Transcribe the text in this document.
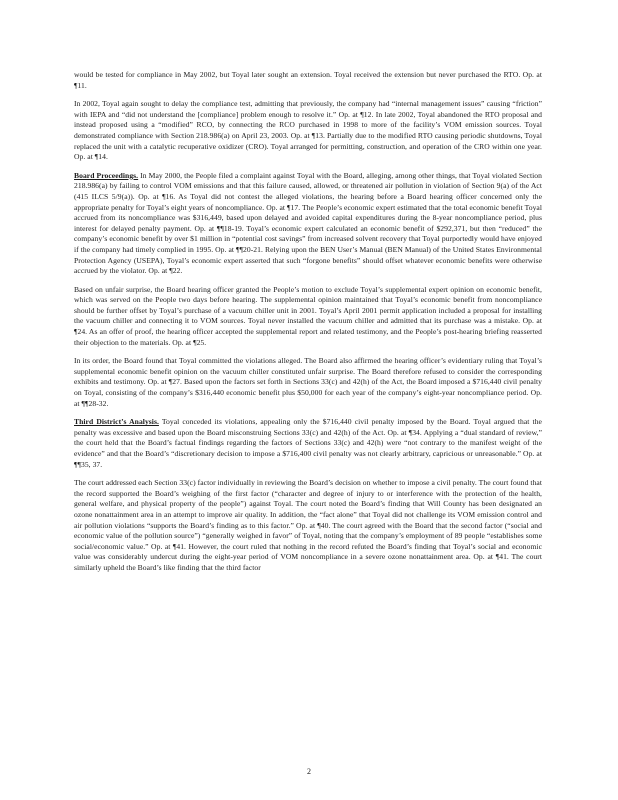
would be tested for compliance in May 2002, but Toyal later sought an extension. Toyal received the extension but never purchased the RTO. Op. at ¶11.

In 2002, Toyal again sought to delay the compliance test, admitting that previously, the company had “internal management issues” causing “friction” with IEPA and “did not understand the [compliance] problem enough to resolve it.” Op. at ¶12. In late 2002, Toyal abandoned the RTO proposal and instead proposed using a “modified” RCO, by connecting the RCO purchased in 1998 to more of the facility’s VOM emission sources. Toyal demonstrated compliance with Section 218.986(a) on April 23, 2003. Op. at ¶13. Partially due to the modified RTO causing periodic shutdowns, Toyal replaced the unit with a catalytic recuperative oxidizer (CRO). Toyal arranged for permitting, construction, and operation of the CRO within one year. Op. at ¶14.

Board Proceedings. In May 2000, the People filed a complaint against Toyal with the Board, alleging, among other things, that Toyal violated Section 218.986(a) by failing to control VOM emissions and that this failure caused, allowed, or threatened air pollution in violation of Section 9(a) of the Act (415 ILCS 5/9(a)). Op. at ¶16. As Toyal did not contest the alleged violations, the hearing before a Board hearing officer concerned only the appropriate penalty for Toyal’s eight years of noncompliance. Op. at ¶17. The People’s economic expert estimated that the total economic benefit Toyal accrued from its noncompliance was $316,449, based upon delayed and avoided capital expenditures during the 8-year noncompliance period, plus interest for delayed penalty payment. Op. at ¶¶18-19. Toyal’s economic expert calculated an economic benefit of $292,371, but then “reduced” the company’s economic benefit by over $1 million in “potential cost savings” from increased solvent recovery that Toyal purportedly would have enjoyed if the company had timely complied in 1995. Op. at ¶¶20-21. Relying upon the BEN User’s Manual (BEN Manual) of the United States Environmental Protection Agency (USEPA), Toyal’s economic expert asserted that such “forgone benefits” should offset whatever economic benefits were otherwise accrued by the violator. Op. at ¶22.

Based on unfair surprise, the Board hearing officer granted the People’s motion to exclude Toyal’s supplemental expert opinion on economic benefit, which was served on the People two days before hearing. The supplemental opinion maintained that Toyal’s economic benefit from noncompliance should be further offset by Toyal’s purchase of a vacuum chiller unit in 2001. Toyal’s April 2001 permit application included a proposal for installing the vacuum chiller and connecting it to VOM sources. Toyal never installed the vacuum chiller and admitted that its purchase was a mistake. Op. at ¶24. As an offer of proof, the hearing officer accepted the supplemental report and related testimony, and the People’s post-hearing briefing reasserted their objection to the materials. Op. at ¶25.

In its order, the Board found that Toyal committed the violations alleged. The Board also affirmed the hearing officer’s evidentiary ruling that Toyal’s supplemental economic benefit opinion on the vacuum chiller constituted unfair surprise. The Board therefore refused to consider the corresponding exhibits and testimony. Op. at ¶27. Based upon the factors set forth in Sections 33(c) and 42(h) of the Act, the Board imposed a $716,440 civil penalty on Toyal, consisting of the company’s $316,440 economic benefit plus $50,000 for each year of the company’s eight-year noncompliance period. Op. at ¶¶28-32.

Third District’s Analysis. Toyal conceded its violations, appealing only the $716,440 civil penalty imposed by the Board. Toyal argued that the penalty was excessive and based upon the Board misconstruing Sections 33(c) and 42(h) of the Act. Op. at ¶34. Applying a “dual standard of review,” the court held that the Board’s factual findings regarding the factors of Sections 33(c) and 42(h) were “not contrary to the manifest weight of the evidence” and that the Board’s “discretionary decision to impose a $716,400 civil penalty was not clearly arbitrary, capricious or unreasonable.” Op. at ¶¶35, 37.

The court addressed each Section 33(c) factor individually in reviewing the Board’s decision on whether to impose a civil penalty. The court found that the record supported the Board’s weighing of the first factor (“character and degree of injury to or interference with the protection of the health, general welfare, and physical property of the people”) against Toyal. The court noted the Board’s finding that Will County has been designated an ozone nonattainment area in an attempt to improve air quality. In addition, the “fact alone” that Toyal did not challenge its VOM emission control and air pollution violations “supports the Board’s finding as to this factor.” Op. at ¶40. The court agreed with the Board that the second factor (“social and economic value of the pollution source”) “generally weighed in favor” of Toyal, noting that the company’s employment of 89 people “establishes some social/economic value.” Op. at ¶41. However, the court ruled that nothing in the record refuted the Board’s finding that Toyal’s social and economic value was considerably undercut during the eight-year period of VOM noncompliance in a severe ozone nonattainment area. Op. at ¶41. The court similarly upheld the Board’s like finding that the third factor

2
